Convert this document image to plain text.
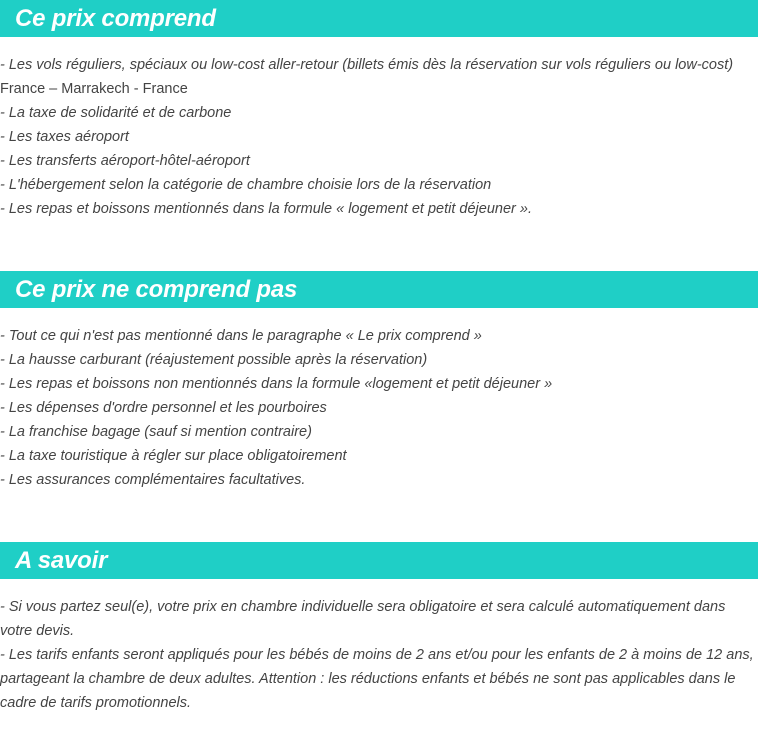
Ce prix comprend
- Les vols réguliers, spéciaux ou low-cost aller-retour (billets émis dès la réservation sur vols réguliers ou low-cost)
France – Marrakech - France
- La taxe de solidarité et de carbone
- Les taxes aéroport
- Les transferts aéroport-hôtel-aéroport
- L'hébergement selon la catégorie de chambre choisie lors de la réservation
- Les repas et boissons mentionnés dans la formule « logement et petit déjeuner ».
Ce prix ne comprend pas
- Tout ce qui n'est pas mentionné dans le paragraphe « Le prix comprend »
- La hausse carburant (réajustement possible après la réservation)
- Les repas et boissons non mentionnés dans la formule «logement et petit déjeuner »
- Les dépenses d'ordre personnel et les pourboires
- La franchise bagage (sauf si mention contraire)
- La taxe touristique à régler sur place obligatoirement
- Les assurances complémentaires facultatives.
A savoir

- Si vous partez seul(e), votre prix en chambre individuelle sera obligatoire et sera calculé automatiquement dans votre devis.

- Les tarifs enfants seront appliqués pour les bébés de moins de 2 ans et/ou pour les enfants de 2 à moins de 12 ans, partageant la chambre de deux adultes. Attention : les réductions enfants et bébés ne sont pas applicables dans le cadre de tarifs promotionnels.
